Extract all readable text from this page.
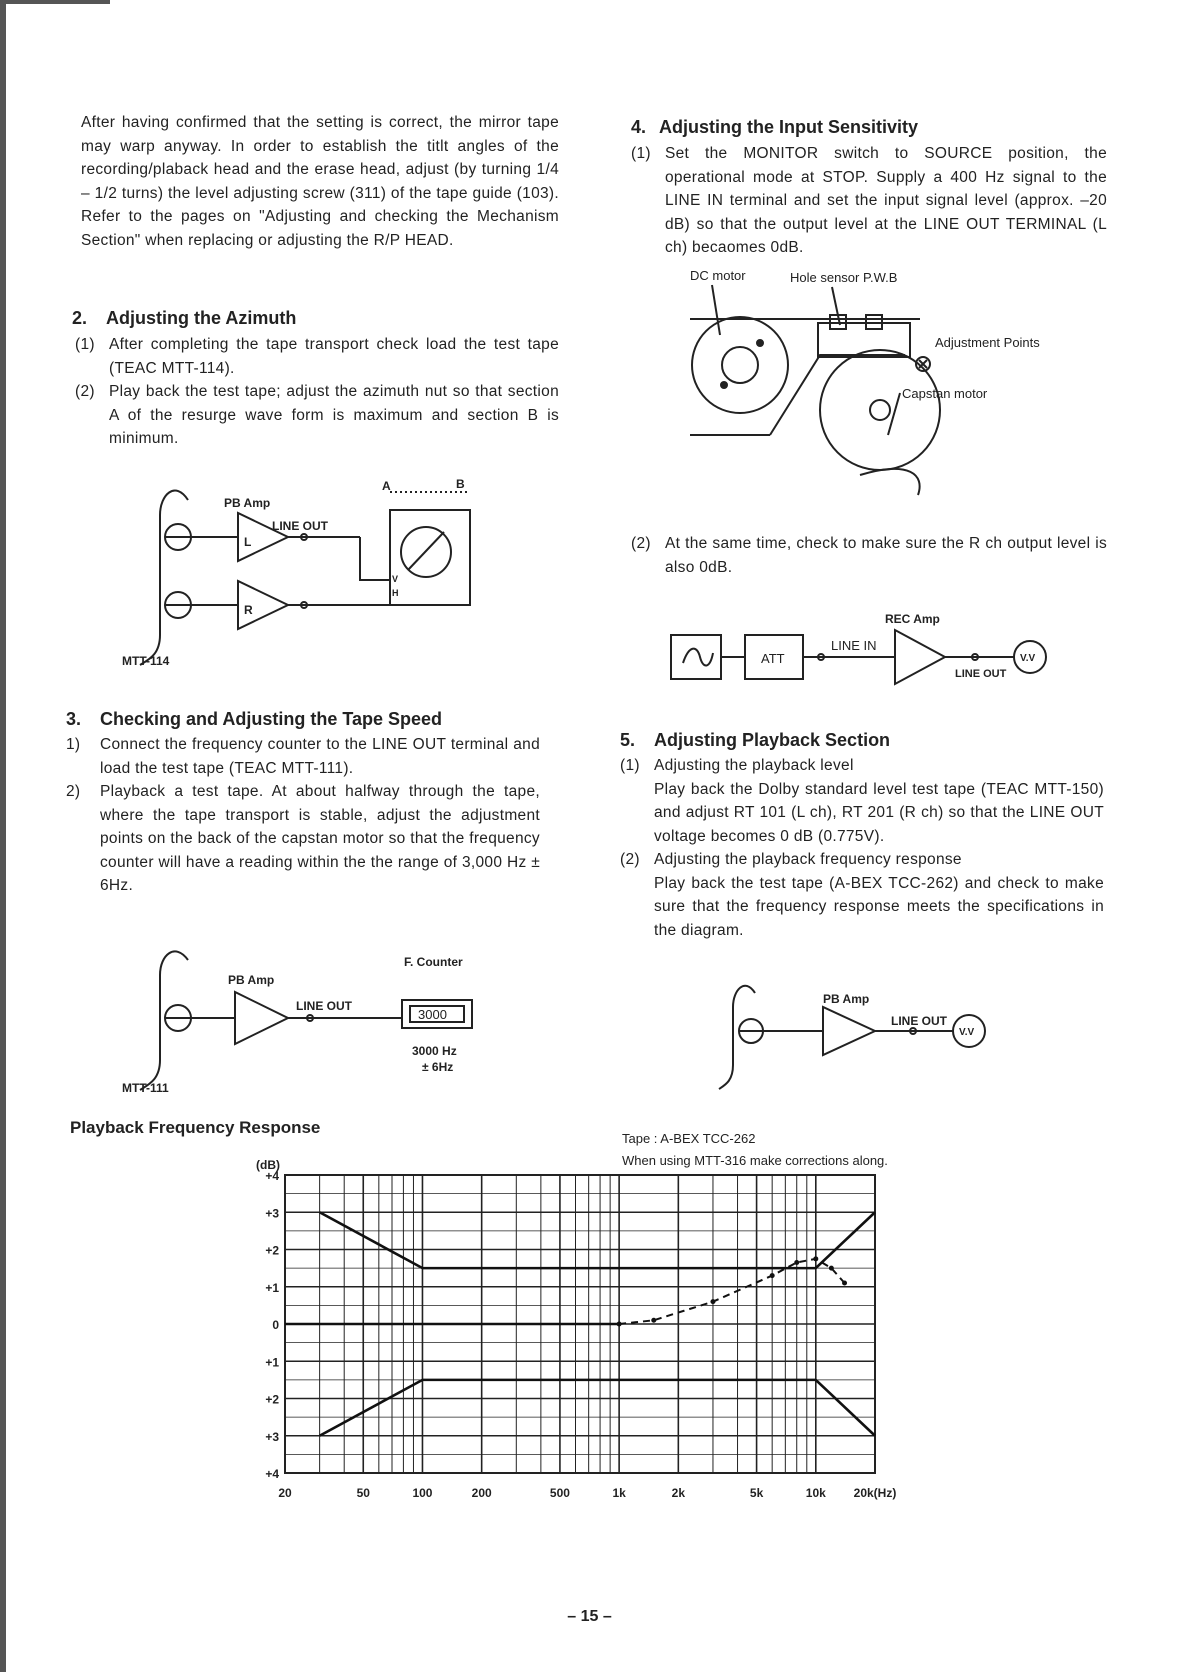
After having confirmed that the setting is correct, the mirror tape may warp anyway. In order to establish the titlt angles of the recording/plaback head and the erase head, adjust (by turning 1/4 – 1/2 turns) the level adjusting screw (311) of the tape guide (103). Refer to the pages on "Adjusting and checking the Mechanism Section" when replacing or adjusting the R/P HEAD.

2. Adjusting the Azimuth

(1) After completing the tape transport check load the test tape (TEAC MTT-114).

(2) Play back the test tape; adjust the azimuth nut so that section A of the resurge wave form is maximum and section B is minimum.

PB Amp
LINE OUT
L
R
V
H
A	B
MTT-114
3. Checking and Adjusting the Tape Speed

1) Connect the frequency counter to the LINE OUT terminal and load the test tape (TEAC MTT-111).

2) Playback a test tape. At about halfway through the tape, where the tape transport is stable, adjust the adjustment points on the back of the capstan motor so that the frequency counter will have a reading within the the range of 3,000 Hz ± 6Hz.

PB Amp
LINE OUT
F. Counter
3000
3000 Hz
± 6Hz
MTT-111
4. Adjusting the Input Sensitivity

(1) Set the MONITOR switch to SOURCE position, the operational mode at STOP. Supply a 400 Hz signal to the LINE IN terminal and set the input signal level (approx. –20 dB) so that the output level at the LINE OUT TERMINAL (L ch) becaomes 0dB.

DC motor	Hole sensor P.W.B
Adjustment Points
Capstan motor

(2) At the same time, check to make sure the R ch output level is also 0dB.

REC Amp
ATT
LINE IN
LINE OUT
V.V
5. Adjusting Playback Section

(1) Adjusting the playback level

Play back the Dolby standard level test tape (TEAC MTT-150) and adjust RT 101 (L ch), RT 201 (R ch) so that the LINE OUT voltage becomes 0 dB (0.775V).

(2) Adjusting the playback frequency response

Play back the test tape (A-BEX TCC-262) and check to make sure that the frequency response meets the specifications in the diagram.

PB Amp
LINE OUT
V.V
Playback Frequency Response
Tape : A-BEX TCC-262
When using MTT-316 make corrections along.
(dB)
+4
+3
+2
+1
0
+1
+2
+3
+4
20	50	100	200	500	1k	2k	5k	10k 20k(Hz)
– 15 –
